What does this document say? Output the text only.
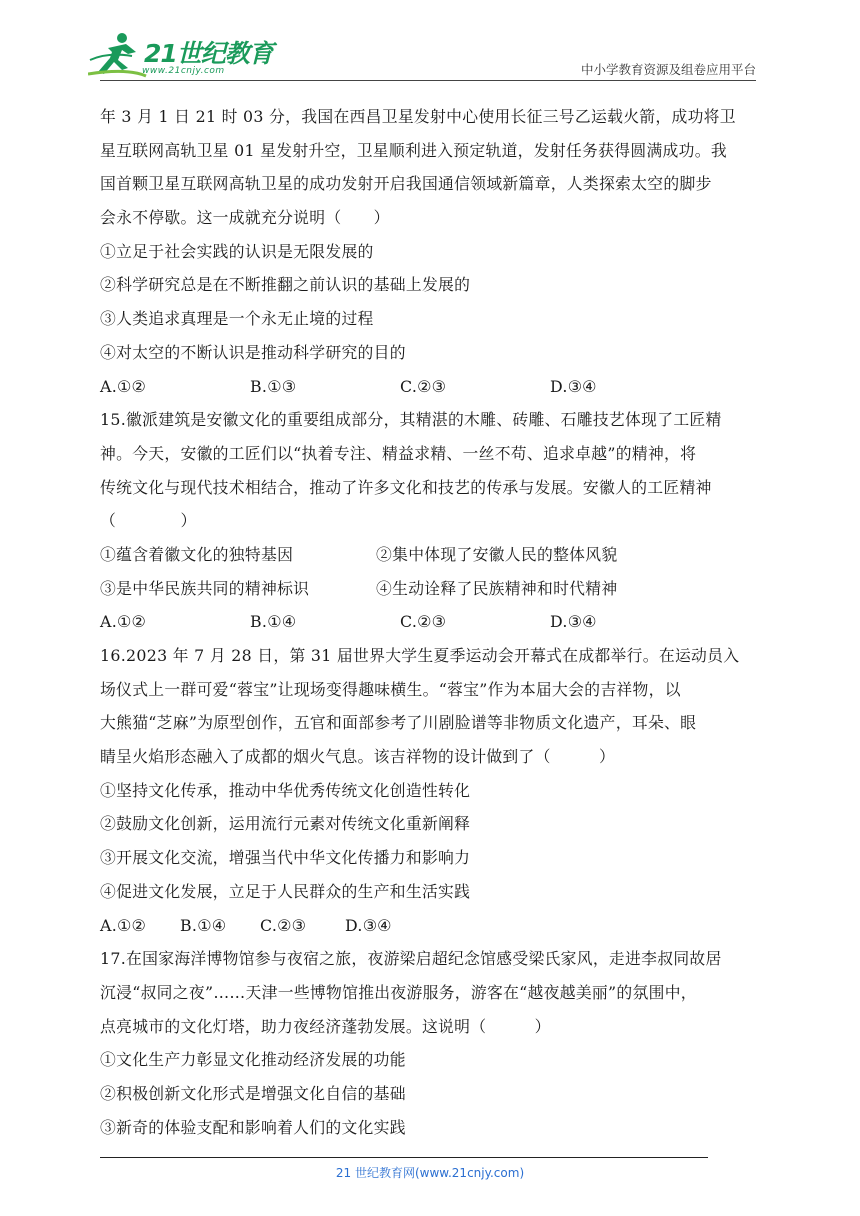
21世纪教育
www.21cnjy.com	中小学教育资源及组卷应用平台
年 3 月 1 日 21 时 03 分，我国在西昌卫星发射中心使用长征三号乙运载火箭，成功将卫
星互联网高轨卫星 01 星发射升空，卫星顺利进入预定轨道，发射任务获得圆满成功。我
国首颗卫星互联网高轨卫星的成功发射开启我国通信领域新篇章，人类探索太空的脚步
会永不停歇。这一成就充分说明（　　）
①立足于社会实践的认识是无限发展的
②科学研究总是在不断推翻之前认识的基础上发展的
③人类追求真理是一个永无止境的过程
④对太空的不断认识是推动科学研究的目的
A.①②	B.①③	C.②③	D.③④
15.徽派建筑是安徽文化的重要组成部分，其精湛的木雕、砖雕、石雕技艺体现了工匠精
神。今天，安徽的工匠们以“执着专注、精益求精、一丝不苟、追求卓越”的精神，将
传统文化与现代技术相结合，推动了许多文化和技艺的传承与发展。安徽人的工匠精神
（　　　　）
①蕴含着徽文化的独特基因	②集中体现了安徽人民的整体风貌
③是中华民族共同的精神标识	④生动诠释了民族精神和时代精神
A.①②	B.①④	C.②③	D.③④
16.2023 年 7 月 28 日，第 31 届世界大学生夏季运动会开幕式在成都举行。在运动员入
场仪式上一群可爱“蓉宝”让现场变得趣味横生。“蓉宝”作为本届大会的吉祥物，以
大熊猫“芝麻”为原型创作，五官和面部参考了川剧脸谱等非物质文化遗产，耳朵、眼
睛呈火焰形态融入了成都的烟火气息。该吉祥物的设计做到了（　　　）
①坚持文化传承，推动中华优秀传统文化创造性转化
②鼓励文化创新，运用流行元素对传统文化重新阐释
③开展文化交流，增强当代中华文化传播力和影响力
④促进文化发展，立足于人民群众的生产和生活实践
A.①②	B.①④	C.②③	D.③④
17.在国家海洋博物馆参与夜宿之旅，夜游梁启超纪念馆感受梁氏家风，走进李叔同故居
沉浸“叔同之夜”……天津一些博物馆推出夜游服务，游客在“越夜越美丽”的氛围中，
点亮城市的文化灯塔，助力夜经济蓬勃发展。这说明（　　　）
①文化生产力彰显文化推动经济发展的功能
②积极创新文化形式是增强文化自信的基础
③新奇的体验支配和影响着人们的文化实践
21 世纪教育网(www.21cnjy.com)
